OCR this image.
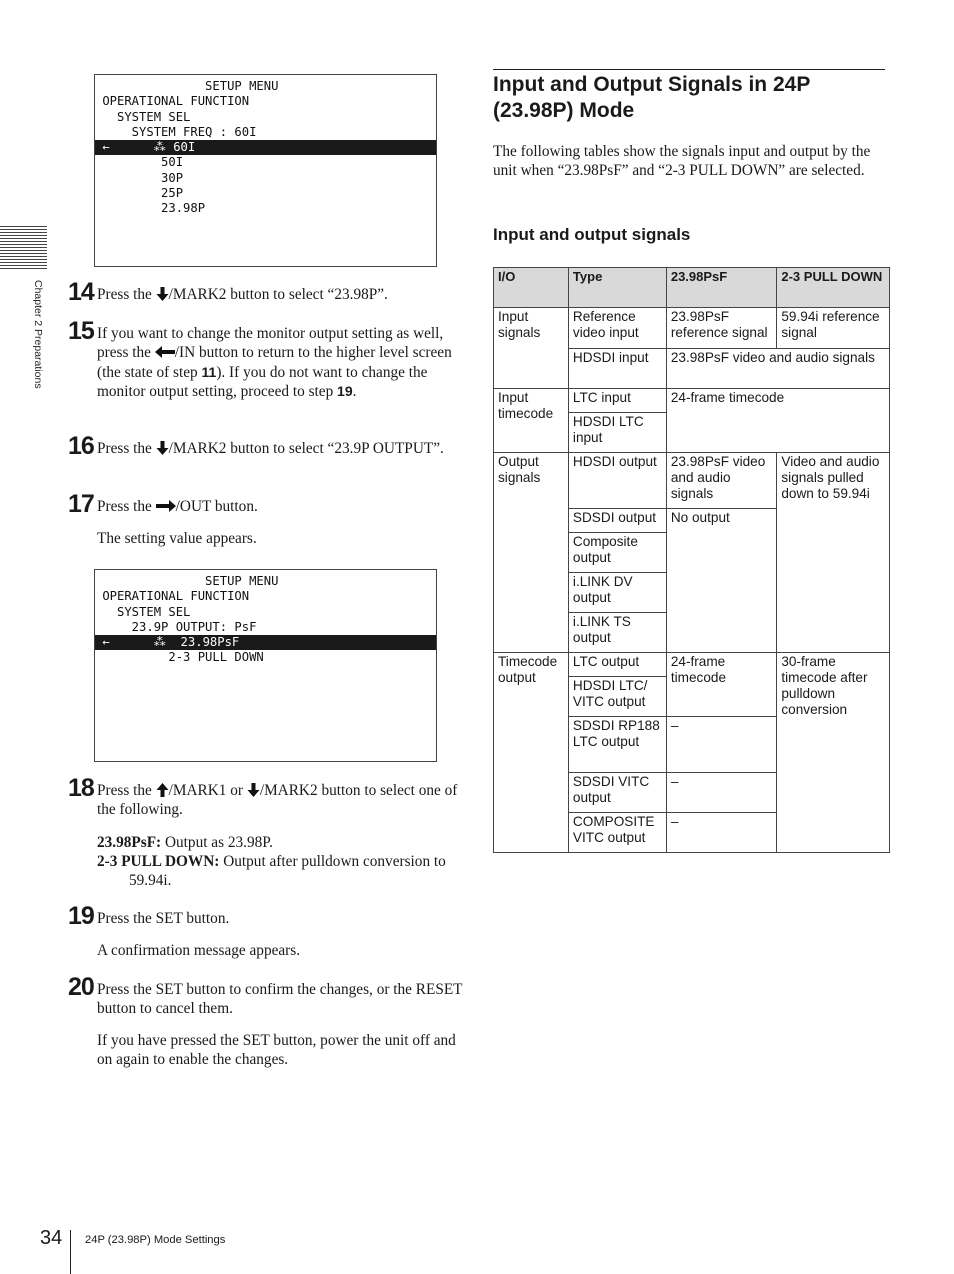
Chapter 2 Preparations
SETUP MENU
OPERATIONAL FUNCTION
SYSTEM SEL
SYSTEM FREQ : 60I
←      ⁂ 60I
50I
30P
25P
23.98P
14 Press the /MARK2 button to select “23.98P”.
15 If you want to change the monitor output setting as well, press the /IN button to return to the higher level screen (the state of step 11). If you do not want to change the monitor output setting, proceed to step 19.
16 Press the /MARK2 button to select “23.9P OUTPUT”.
17 Press the /OUT button.
The setting value appears.
SETUP MENU
OPERATIONAL FUNCTION
SYSTEM SEL
23.9P OUTPUT: PsF
←      ⁂  23.98PsF
2-3 PULL DOWN
18 Press the /MARK1 or /MARK2 button to select one of the following.
23.98PsF: Output as 23.98P.
2-3 PULL DOWN: Output after pulldown conversion to 59.94i.
19 Press the SET button.
A confirmation message appears.
20 Press the SET button to confirm the changes, or the RESET button to cancel them.
If you have pressed the SET button, power the unit off and on again to enable the changes.
Input and Output Signals in 24P (23.98P) Mode
The following tables show the signals input and output by the unit when “23.98PsF” and “2-3 PULL DOWN” are selected.
Input and output signals
I/O	Type	23.98PsF	2-3 PULL DOWN
Input signals	Reference video input	23.98PsF reference signal	59.94i reference signal
	HDSDI input	23.98PsF video and audio signals	
Input timecode	LTC input	24-frame timecode	
	HDSDI LTC input		
Output signals	HDSDI output	23.98PsF video and audio signals	Video and audio signals pulled down to 59.94i
	SDSDI output	No output	
	Composite output		
	i.LINK DV output		
	i.LINK TS output		
Timecode output	LTC output	24-frame timecode	30-frame timecode after pulldown conversion
	HDSDI LTC/ VITC output		
	SDSDI RP188 LTC output	–	
	SDSDI VITC output	–	
	COMPOSITE VITC output	–	
34 24P (23.98P) Mode Settings
